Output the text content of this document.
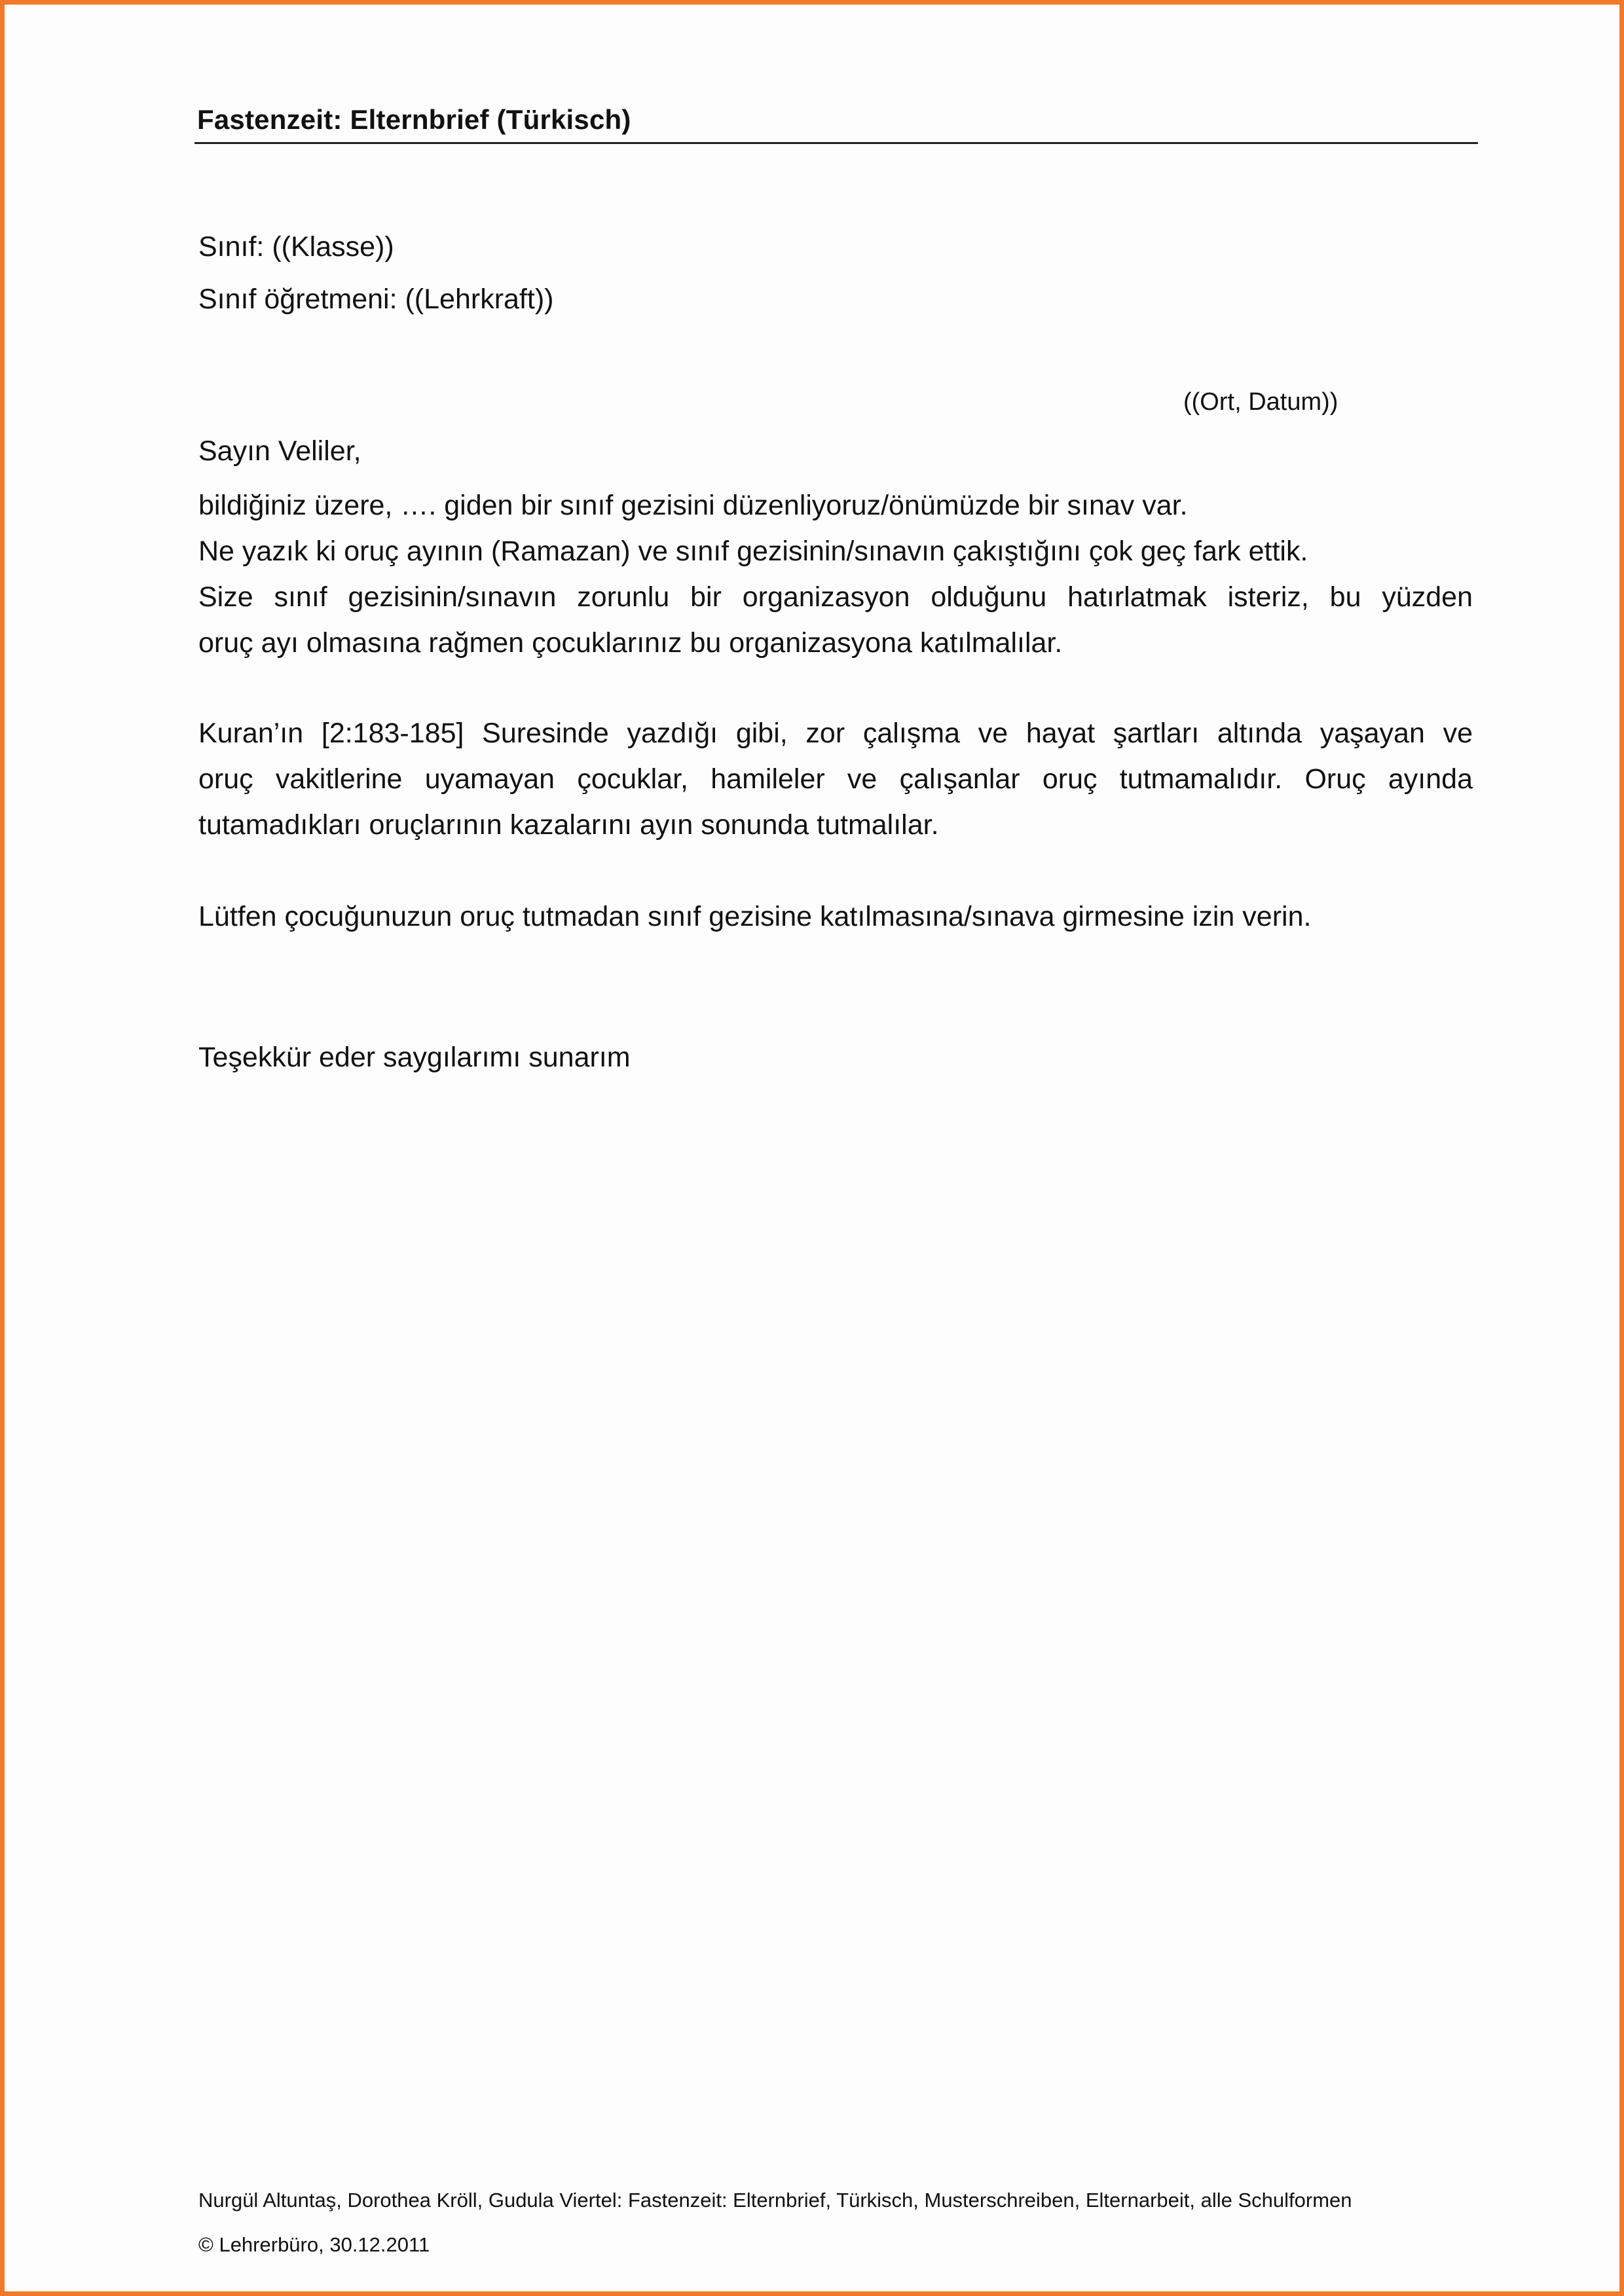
Fastenzeit: Elternbrief (Türkisch)
Sınıf: ((Klasse))
Sınıf öğretmeni: ((Lehrkraft))
((Ort, Datum))
Sayın Veliler,
bildiğiniz üzere, …. giden bir sınıf gezisini düzenliyoruz/önümüzde bir sınav var.
Ne yazık ki oruç ayının (Ramazan) ve sınıf gezisinin/sınavın çakıştığını çok geç fark ettik.
Size sınıf gezisinin/sınavın zorunlu bir organizasyon olduğunu hatırlatmak isteriz, bu yüzden
oruç ayı olmasına rağmen çocuklarınız bu organizasyona katılmalılar.
Kuran’ın [2:183-185] Suresinde yazdığı gibi, zor çalışma ve hayat şartları altında yaşayan ve
oruç vakitlerine uyamayan çocuklar, hamileler ve çalışanlar oruç tutmamalıdır. Oruç ayında
tutamadıkları oruçlarının kazalarını ayın sonunda tutmalılar.
Lütfen çocuğunuzun oruç tutmadan sınıf gezisine katılmasına/sınava girmesine izin verin.
Teşekkür eder saygılarımı sunarım
Nurgül Altuntaş, Dorothea Kröll, Gudula Viertel: Fastenzeit: Elternbrief, Türkisch, Musterschreiben, Elternarbeit, alle Schulformen
© Lehrerbüro, 30.12.2011
